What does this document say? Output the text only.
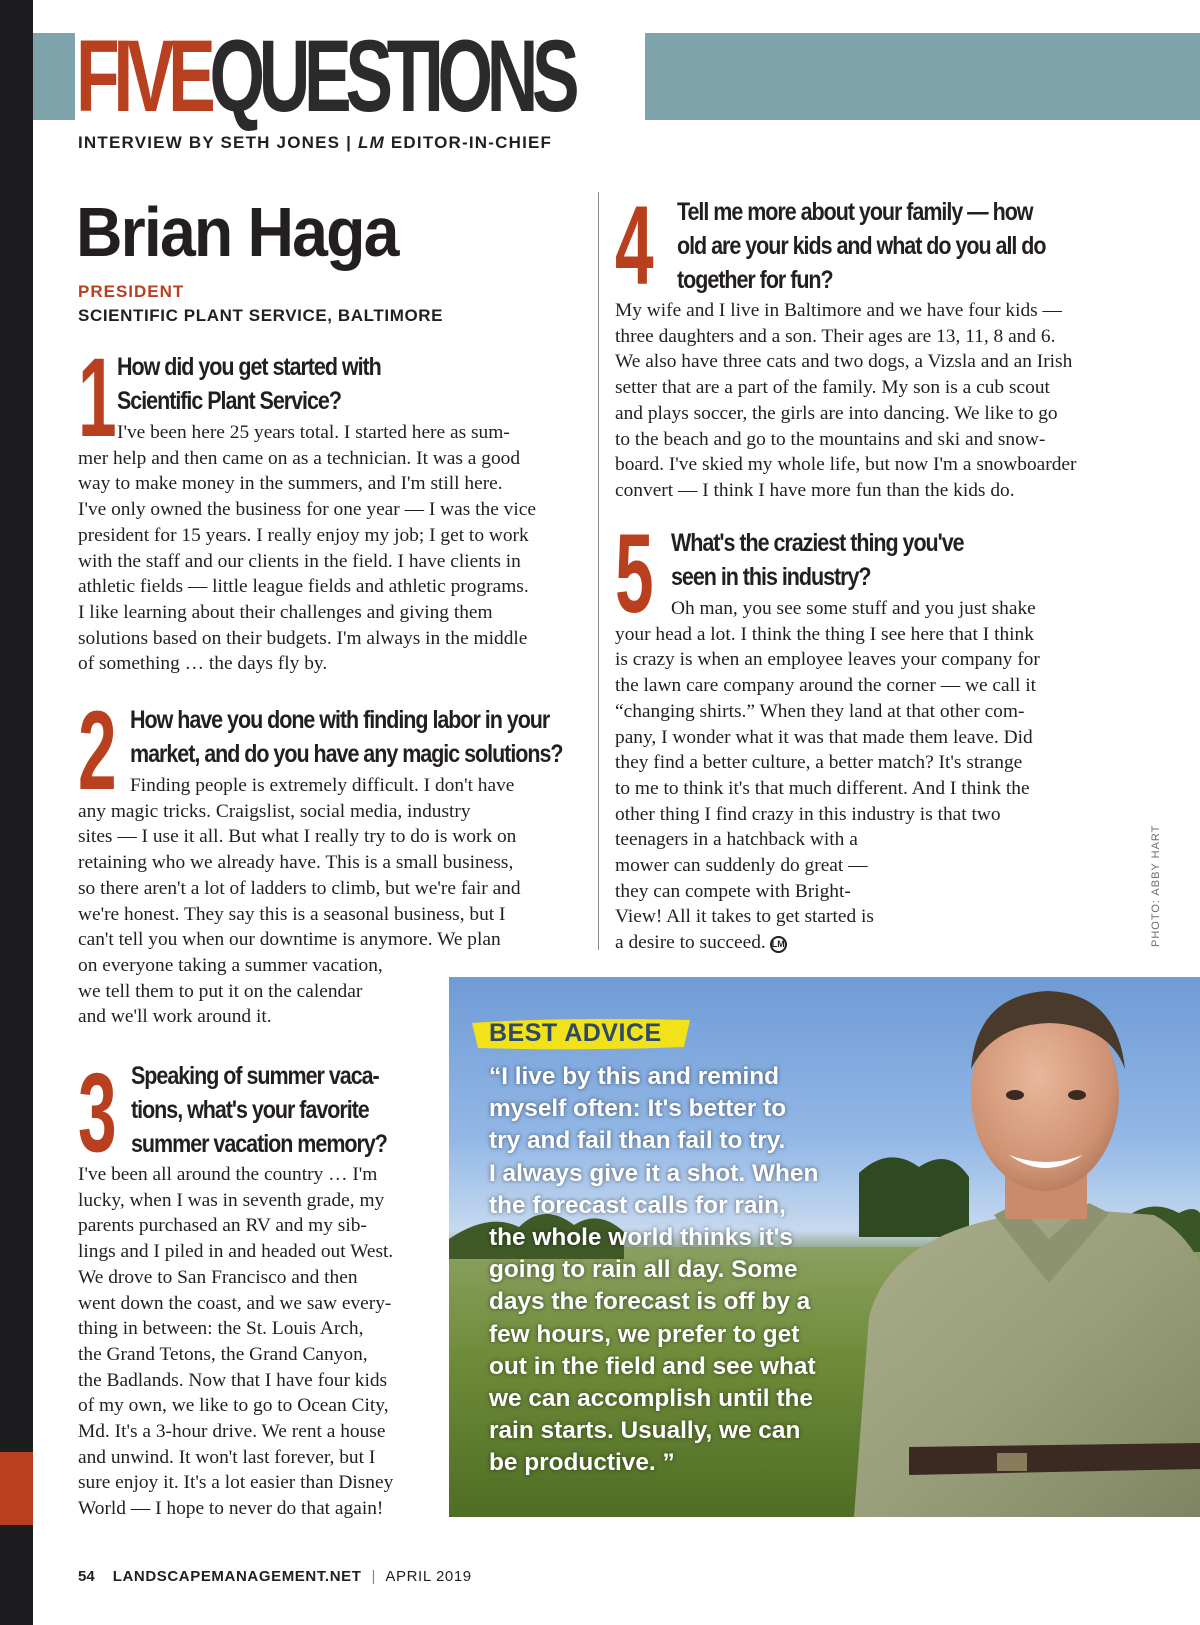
FIVEQUESTIONS
INTERVIEW BY SETH JONES | LM EDITOR-IN-CHIEF
Brian Haga
PRESIDENT
SCIENTIFIC PLANT SERVICE, BALTIMORE
1 How did you get started with
Scientific Plant Service?
I've been here 25 years total. I started here as sum-
mer help and then came on as a technician. It was a good
way to make money in the summers, and I'm still here.
I've only owned the business for one year — I was the vice
president for 15 years. I really enjoy my job; I get to work
with the staff and our clients in the field. I have clients in
athletic fields — little league fields and athletic programs.
I like learning about their challenges and giving them
solutions based on their budgets. I'm always in the middle
of something … the days fly by.
2 How have you done with finding labor in your
market, and do you have any magic solutions?
Finding people is extremely difficult. I don't have
any magic tricks. Craigslist, social media, industry
sites — I use it all. But what I really try to do is work on
retaining who we already have. This is a small business,
so there aren't a lot of ladders to climb, but we're fair and
we're honest. They say this is a seasonal business, but I
can't tell you when our downtime is anymore. We plan
on everyone taking a summer vacation,
we tell them to put it on the calendar
and we'll work around it.
3 Speaking of summer vaca-
tions, what's your favorite
summer vacation memory?
I've been all around the country … I'm
lucky, when I was in seventh grade, my
parents purchased an RV and my sib-
lings and I piled in and headed out West.
We drove to San Francisco and then
went down the coast, and we saw every-
thing in between: the St. Louis Arch,
the Grand Tetons, the Grand Canyon,
the Badlands. Now that I have four kids
of my own, we like to go to Ocean City,
Md. It's a 3-hour drive. We rent a house
and unwind. It won't last forever, but I
sure enjoy it. It's a lot easier than Disney
World — I hope to never do that again!
4 Tell me more about your family — how
old are your kids and what do you all do
together for fun?
My wife and I live in Baltimore and we have four kids —
three daughters and a son. Their ages are 13, 11, 8 and 6.
We also have three cats and two dogs, a Vizsla and an Irish
setter that are a part of the family. My son is a cub scout
and plays soccer, the girls are into dancing. We like to go
to the beach and go to the mountains and ski and snow-
board. I've skied my whole life, but now I'm a snowboarder
convert — I think I have more fun than the kids do.
5 What's the craziest thing you've
seen in this industry?
Oh man, you see some stuff and you just shake
your head a lot. I think the thing I see here that I think
is crazy is when an employee leaves your company for
the lawn care company around the corner — we call it
“changing shirts.” When they land at that other com-
pany, I wonder what it was that made them leave. Did
they find a better culture, a better match? It's strange
to me to think it's that much different. And I think the
other thing I find crazy in this industry is that two
teenagers in a hatchback with a
mower can suddenly do great —
they can compete with Bright-
View! All it takes to get started is
a desire to succeed. LM	PHOTO: ABBY HART
BEST ADVICE
“I live by this and remind
myself often: It's better to
try and fail than fail to try.
I always give it a shot. When
the forecast calls for rain,
the whole world thinks it's
going to rain all day. Some
days the forecast is off by a
few hours, we prefer to get
out in the field and see what
we can accomplish until the
rain starts. Usually, we can
be productive. ”
54 LANDSCAPEMANAGEMENT.NET | APRIL 2019
